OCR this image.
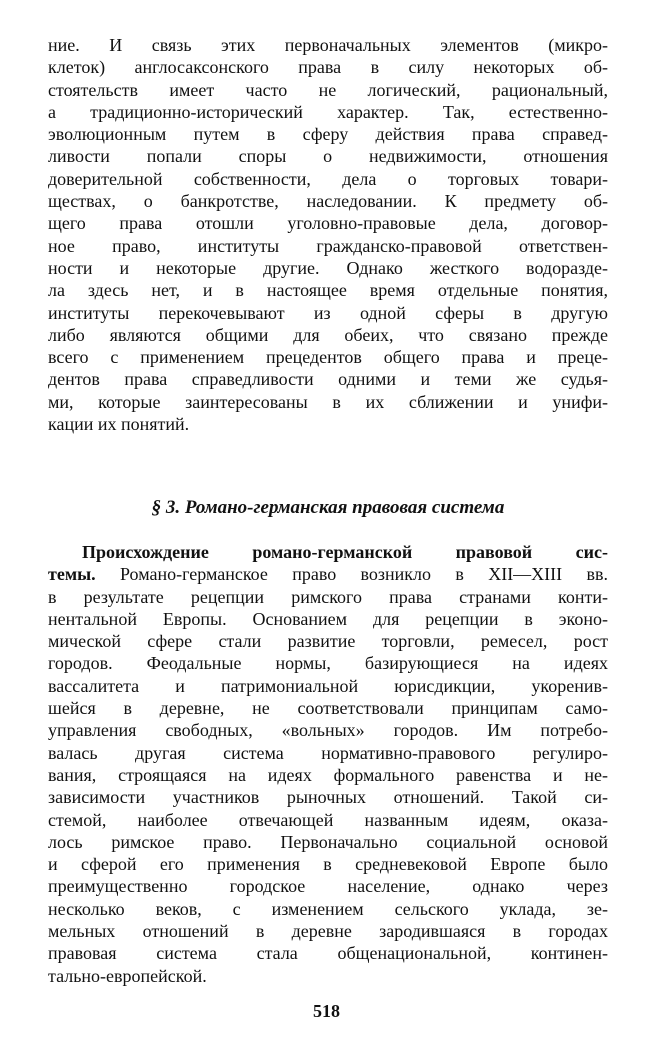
ние. И связь этих первоначальных элементов (микро-
клеток) англосаксонского права в силу некоторых об-
стоятельств имеет часто не логический, рациональный,
а традиционно-исторический характер. Так, естественно-
эволюционным путем в сферу действия права справед-
ливости попали споры о недвижимости, отношения
доверительной собственности, дела о торговых товари-
ществах, о банкротстве, наследовании. К предмету об-
щего права отошли уголовно-правовые дела, договор-
ное право, институты гражданско-правовой ответствен-
ности и некоторые другие. Однако жесткого водоразде-
ла здесь нет, и в настоящее время отдельные понятия,
институты перекочевывают из одной сферы в другую
либо являются общими для обеих, что связано прежде
всего с применением прецедентов общего права и преце-
дентов права справедливости одними и теми же судья-
ми, которые заинтересованы в их сближении и унифи-
кации их понятий.
§ 3. Романо-германская правовая система
Происхождение романо-германской правовой сис-
темы. Романо-германское право возникло в XII—XIII вв.
в результате рецепции римского права странами конти-
нентальной Европы. Основанием для рецепции в эконо-
мической сфере стали развитие торговли, ремесел, рост
городов. Феодальные нормы, базирующиеся на идеях
вассалитета и патримониальной юрисдикции, укоренив-
шейся в деревне, не соответствовали принципам само-
управления свободных, «вольных» городов. Им потребо-
валась другая система нормативно-правового регулиро-
вания, строящаяся на идеях формального равенства и не-
зависимости участников рыночных отношений. Такой си-
стемой, наиболее отвечающей названным идеям, оказа-
лось римское право. Первоначально социальной основой
и сферой его применения в средневековой Европе было
преимущественно городское население, однако через
несколько веков, с изменением сельского уклада, зе-
мельных отношений в деревне зародившаяся в городах
правовая система стала общенациональной, континен-
тально-европейской.
518
